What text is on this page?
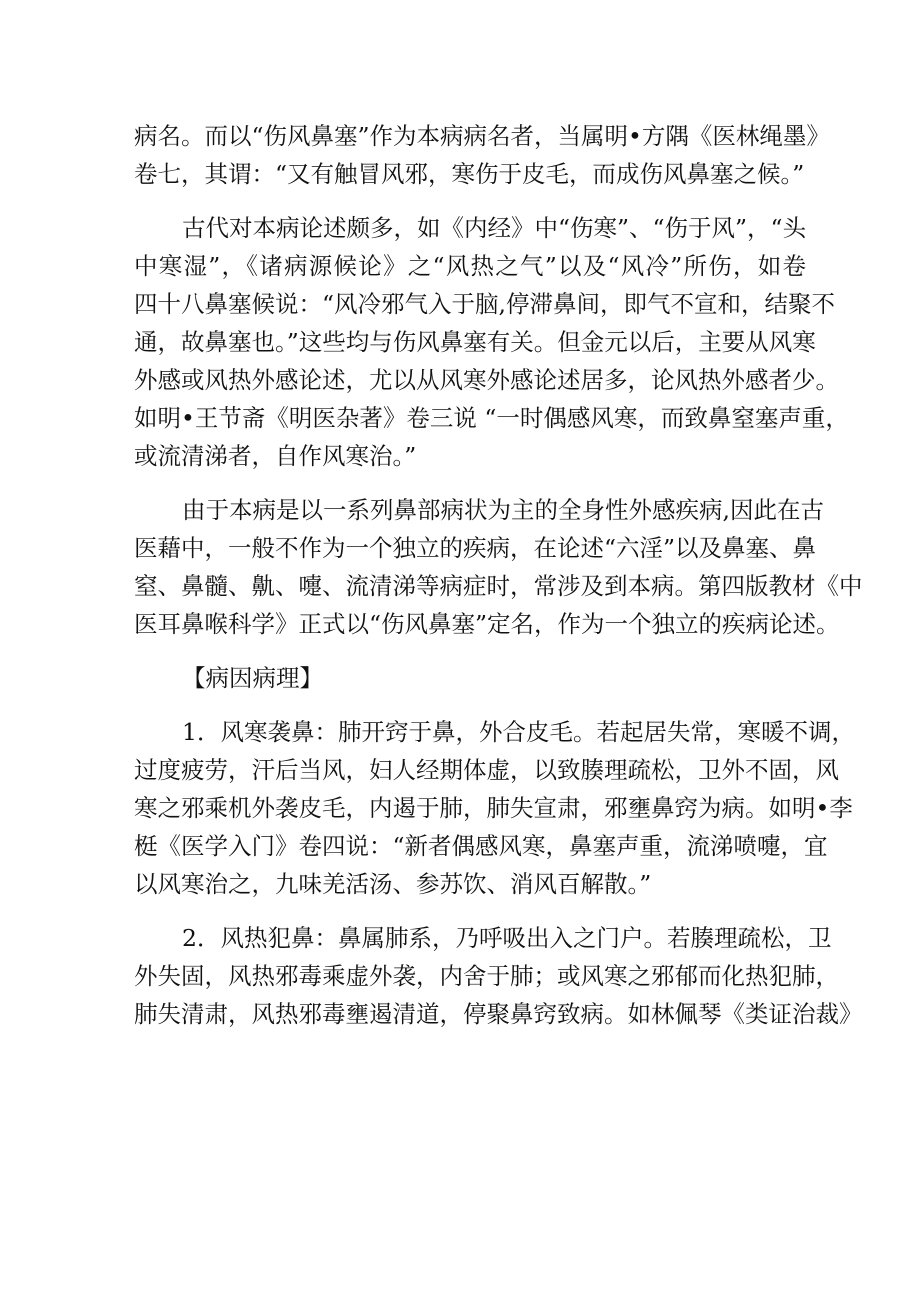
病名。而以“伤风鼻塞”作为本病病名者，当属明•方隅《医林绳墨》
卷七，其谓：“又有触冒风邪，寒伤于皮毛，而成伤风鼻塞之候。”
古代对本病论述颇多，如《内经》中“伤寒”、“伤于风”，“头
中寒湿”，《诸病源候论》之“风热之气”以及“风冷”所伤，如卷
四十八鼻塞候说：“风冷邪气入于脑,停滞鼻间，即气不宣和，结聚不
通，故鼻塞也。”这些均与伤风鼻塞有关。但金元以后，主要从风寒
外感或风热外感论述，尤以从风寒外感论述居多，论风热外感者少。
如明•王节斋《明医杂著》卷三说 “一时偶感风寒，而致鼻窒塞声重，
或流清涕者，自作风寒治。”
由于本病是以一系列鼻部病状为主的全身性外感疾病,因此在古
医藉中，一般不作为一个独立的疾病，在论述“六淫”以及鼻塞、鼻
窒、鼻髓、鼽、嚏、流清涕等病症时，常涉及到本病。第四版教材《中
医耳鼻喉科学》正式以“伤风鼻塞”定名，作为一个独立的疾病论述。
【病因病理】
1．风寒袭鼻：肺开窍于鼻，外合皮毛。若起居失常，寒暖不调，
过度疲劳，汗后当风，妇人经期体虚，以致腠理疏松，卫外不固，风
寒之邪乘机外袭皮毛，内遏于肺，肺失宣肃，邪壅鼻窍为病。如明•李
梃《医学入门》卷四说：“新者偶感风寒，鼻塞声重，流涕喷嚏，宜
以风寒治之，九味羌活汤、参苏饮、消风百解散。”
2．风热犯鼻：鼻属肺系，乃呼吸出入之门户。若腠理疏松，卫
外失固，风热邪毒乘虚外袭，内舍于肺；或风寒之邪郁而化热犯肺，
肺失清肃，风热邪毒壅遏清道，停聚鼻窍致病。如林佩琴《类证治裁》
